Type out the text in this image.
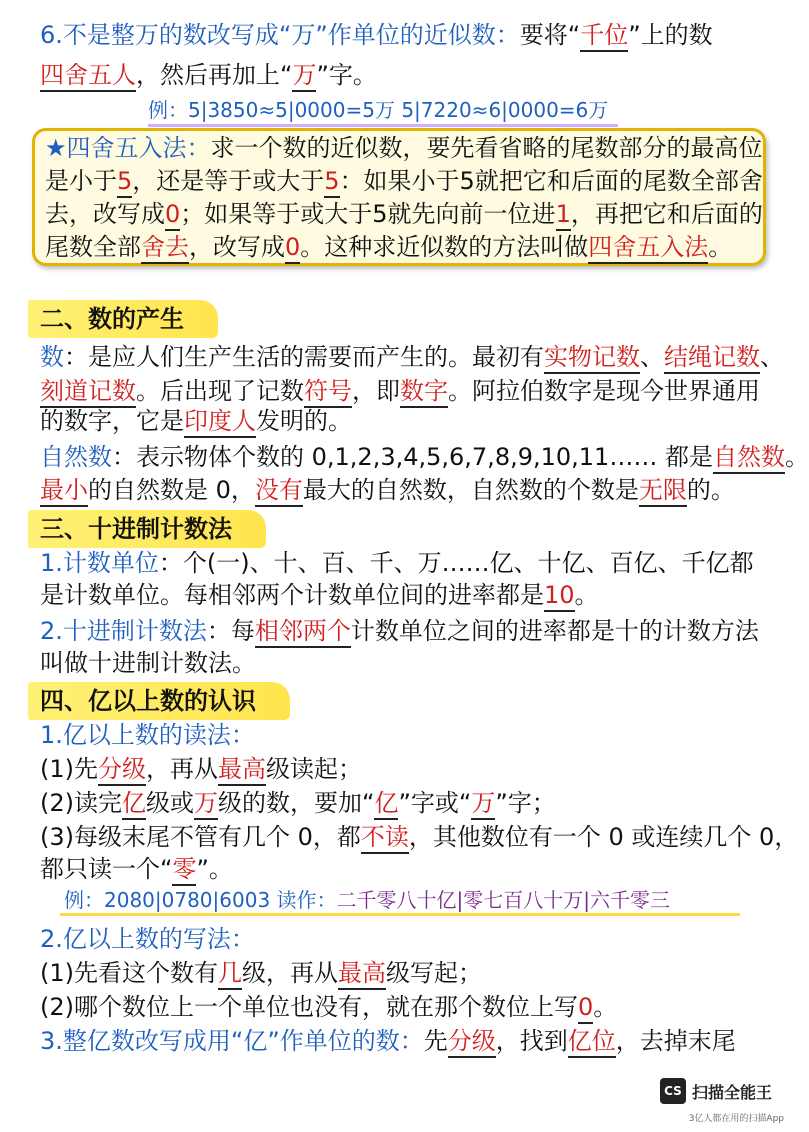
6.不是整万的数改写成“万”作单位的近似数：要将“千位”上的数
四舍五人，然后再加上“万”字。
例：5|3850≈5|0000=5万 5|7220≈6|0000=6万
★四舍五入法：求一个数的近似数，要先看省略的尾数部分的最高位
是小于5，还是等于或大于5：如果小于5就把它和后面的尾数全部舍
去，改写成0；如果等于或大于5就先向前一位进1，再把它和后面的
尾数全部舍去，改写成0。这种求近似数的方法叫做四舍五入法。
二、数的产生
数：是应人们生产生活的需要而产生的。最初有实物记数、结绳记数、
刻道记数。后出现了记数符号，即数字。阿拉伯数字是现今世界通用
的数字，它是印度人发明的。
自然数：表示物体个数的 0,1,2,3,4,5,6,7,8,9,10,11…… 都是自然数。
最小的自然数是 0，没有最大的自然数，自然数的个数是无限的。
三、十进制计数法
1.计数单位：个(一)、十、百、千、万……亿、十亿、百亿、千亿都
是计数单位。每相邻两个计数单位间的进率都是10。
2.十进制计数法：每相邻两个计数单位之间的进率都是十的计数方法
叫做十进制计数法。
四、亿以上数的认识
1.亿以上数的读法：
(1)先分级，再从最高级读起；
(2)读完亿级或万级的数，要加“亿”字或“万”字；
(3)每级末尾不管有几个 0，都不读，其他数位有一个 0 或连续几个 0，
都只读一个“零”。
例：2080|0780|6003 读作：二千零八十亿|零七百八十万|六千零三
2.亿以上数的写法：
(1)先看这个数有几级，再从最高级写起；
(2)哪个数位上一个单位也没有，就在那个数位上写0。
3.整亿数改写成用“亿”作单位的数：先分级，找到亿位，去掉末尾
CS 扫描全能王
3亿人都在用的扫描App
